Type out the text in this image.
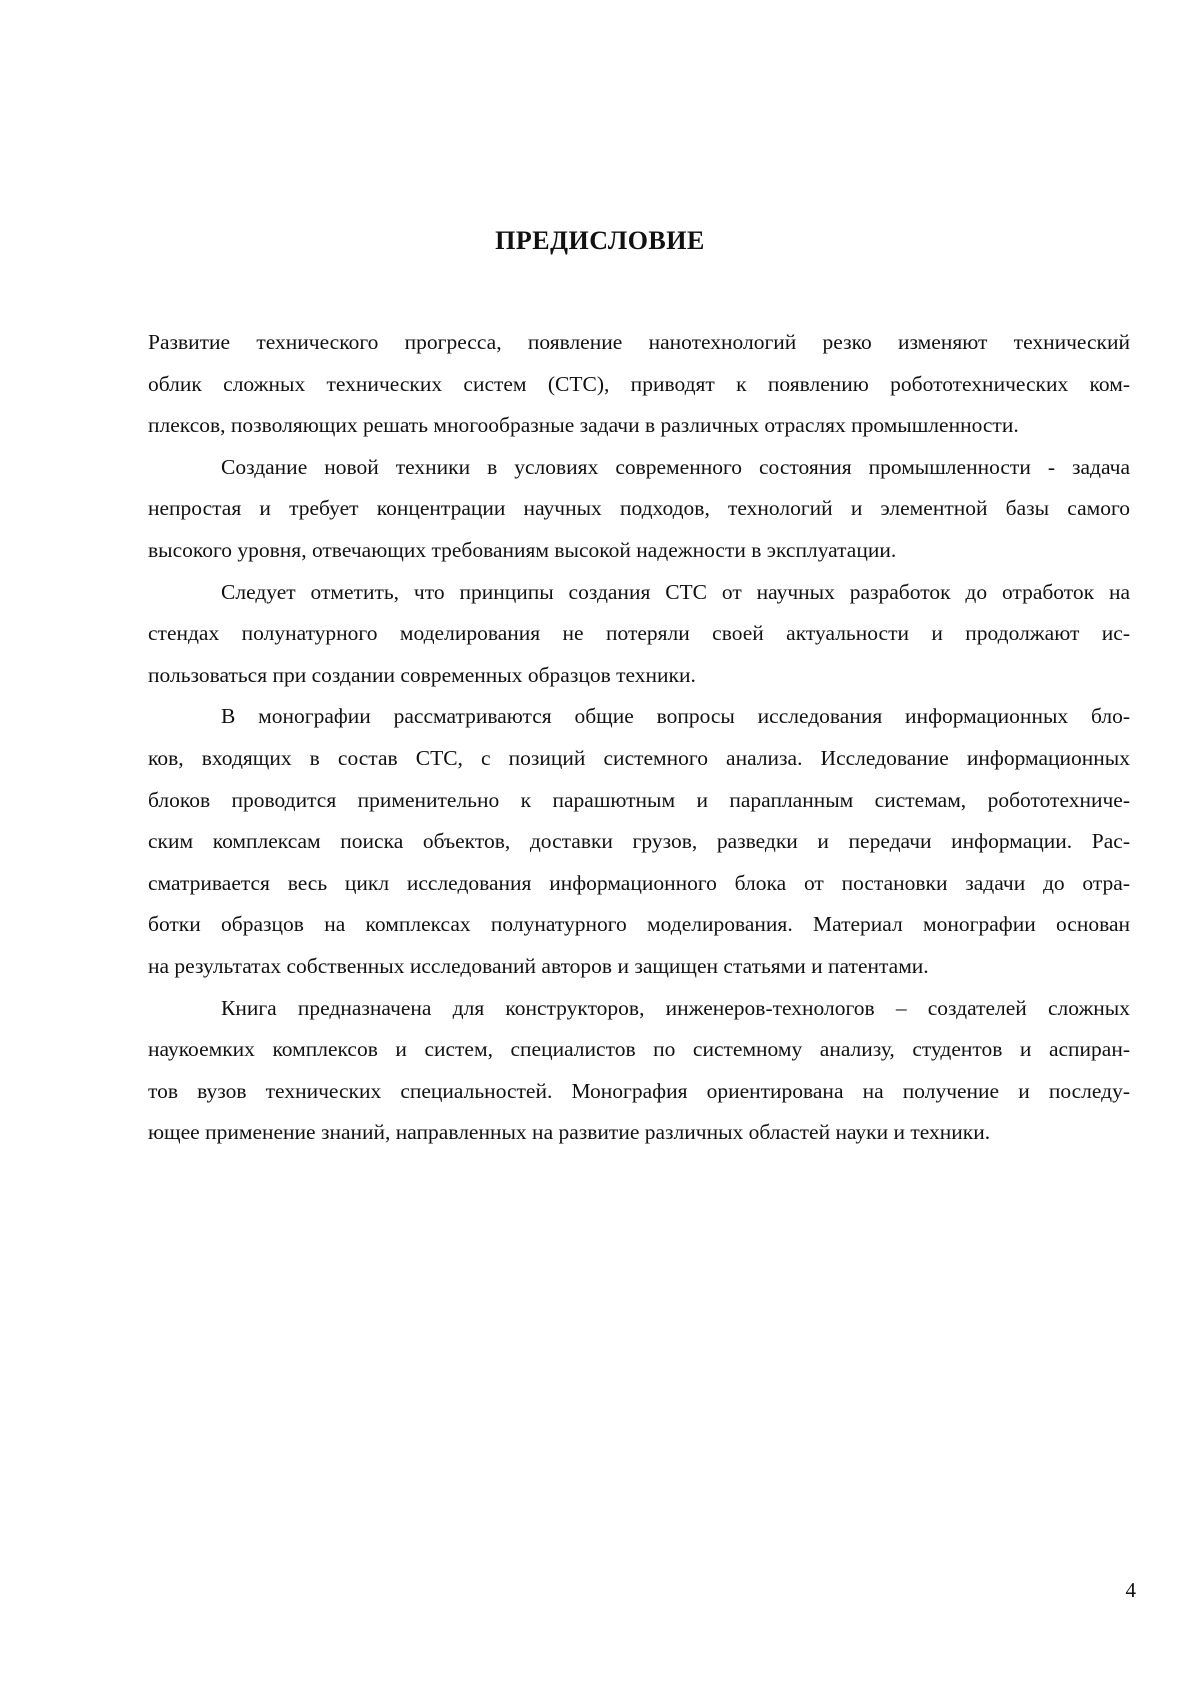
ПРЕДИСЛОВИЕ

Развитие технического прогресса, появление нанотехнологий резко изменяют технический
облик сложных технических систем (СТС), приводят к появлению робототехнических ком-
плексов, позволяющих решать многообразные задачи в различных отраслях промышленности.

Создание новой техники в условиях современного состояния промышленности - задача
непростая и требует концентрации научных подходов, технологий и элементной базы самого
высокого уровня, отвечающих требованиям высокой надежности в эксплуатации.

Следует отметить, что принципы создания СТС от научных разработок до отработок на
стендах полунатурного моделирования не потеряли своей актуальности и продолжают ис-
пользоваться при создании современных образцов техники.

В монографии рассматриваются общие вопросы исследования информационных бло-
ков, входящих в состав СТС, с позиций системного анализа. Исследование информационных
блоков проводится применительно к парашютным и парапланным системам, робототехниче-
ским комплексам поиска объектов, доставки грузов, разведки и передачи информации. Рас-
сматривается весь цикл исследования информационного блока от постановки задачи до отра-
ботки образцов на комплексах полунатурного моделирования. Материал монографии основан
на результатах собственных исследований авторов и защищен статьями и патентами.

Книга предназначена для конструкторов, инженеров-технологов – создателей сложных
наукоемких комплексов и систем, специалистов по системному анализу, студентов и аспиран-
тов вузов технических специальностей. Монография ориентирована на получение и последу-
ющее применение знаний, направленных на развитие различных областей науки и техники.

4
